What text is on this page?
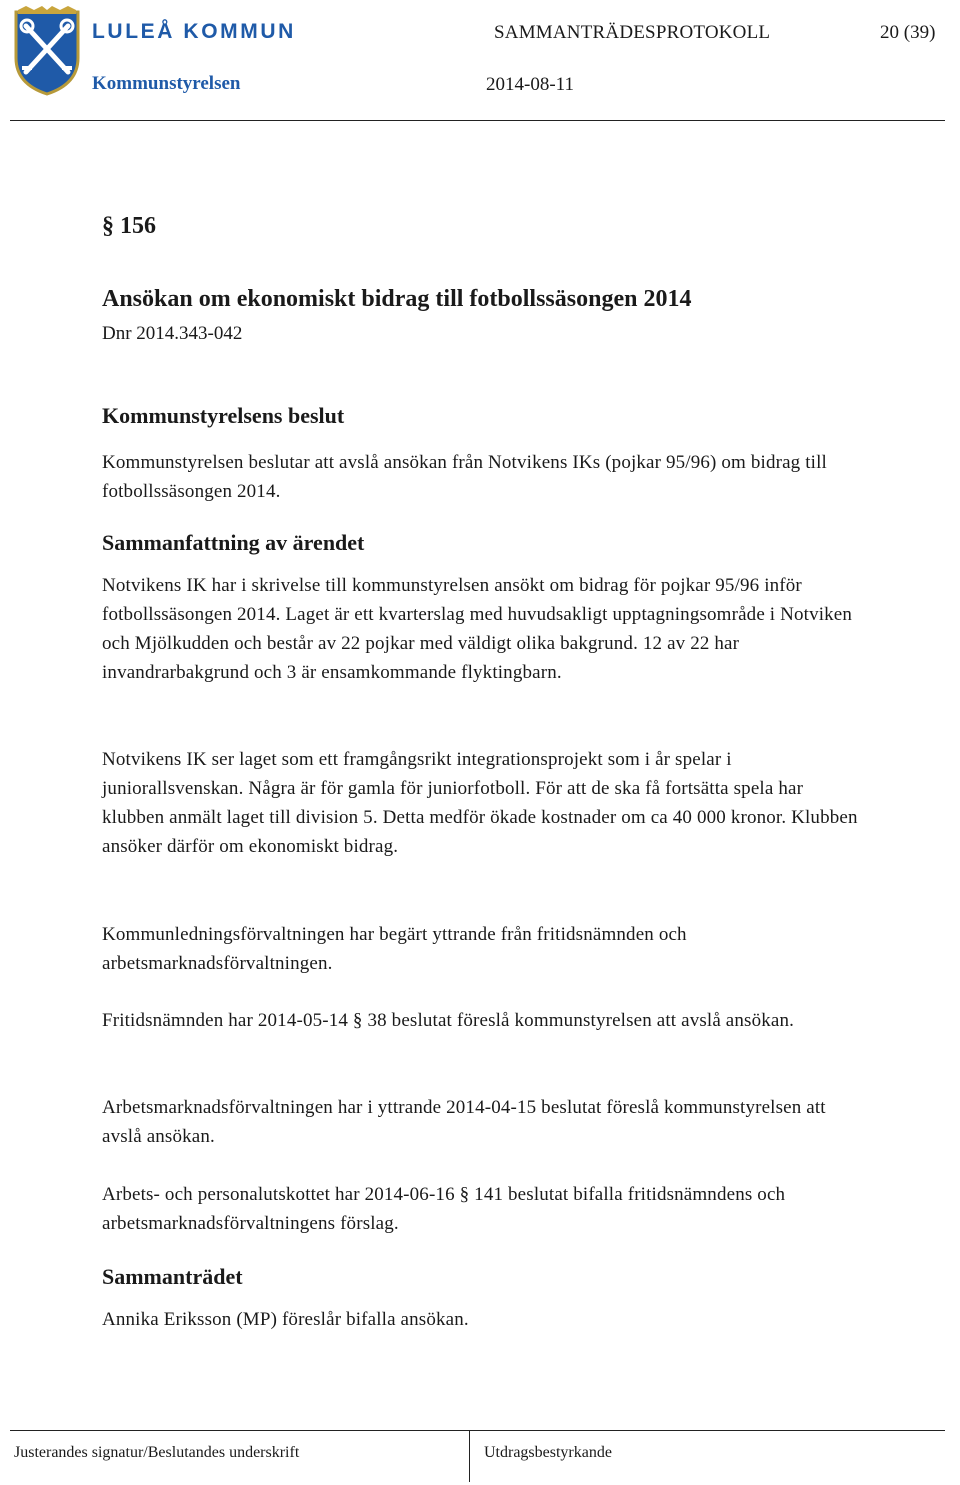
LULEÅ KOMMUN
Kommunstyrelsen
SAMMANTRÄDESPROTOKOLL	20 (39)
2014-08-11
§ 156
Ansökan om ekonomiskt bidrag till fotbollssäsongen 2014
Dnr 2014.343-042
Kommunstyrelsens beslut
Kommunstyrelsen beslutar att avslå ansökan från Notvikens IKs (pojkar 95/96) om bidrag till fotbollssäsongen 2014.
Sammanfattning av ärendet
Notvikens IK har i skrivelse till kommunstyrelsen ansökt om bidrag för pojkar 95/96 inför fotbollssäsongen 2014. Laget är ett kvarterslag med huvudsakligt upptagningsområde i Notviken och Mjölkudden och består av 22 pojkar med väldigt olika bakgrund. 12 av 22 har invandrarbakgrund och 3 är ensamkommande flyktingbarn.
Notvikens IK ser laget som ett framgångsrikt integrationsprojekt som i år spelar i juniorallsvenskan. Några är för gamla för juniorfotboll. För att de ska få fortsätta spela har klubben anmält laget till division 5. Detta medför ökade kostnader om ca 40 000 kronor. Klubben ansöker därför om ekonomiskt bidrag.
Kommunledningsförvaltningen har begärt yttrande från fritidsnämnden och arbetsmarknadsförvaltningen.
Fritidsnämnden har 2014-05-14 § 38 beslutat föreslå kommunstyrelsen att avslå ansökan.
Arbetsmarknadsförvaltningen har i yttrande 2014-04-15 beslutat föreslå kommunstyrelsen att avslå ansökan.
Arbets- och personalutskottet har 2014-06-16 § 141 beslutat bifalla fritidsnämndens och arbetsmarknadsförvaltningens förslag.
Sammanträdet
Annika Eriksson (MP) föreslår bifalla ansökan.
Justerandes signatur/Beslutandes underskrift	Utdragsbestyrkande
